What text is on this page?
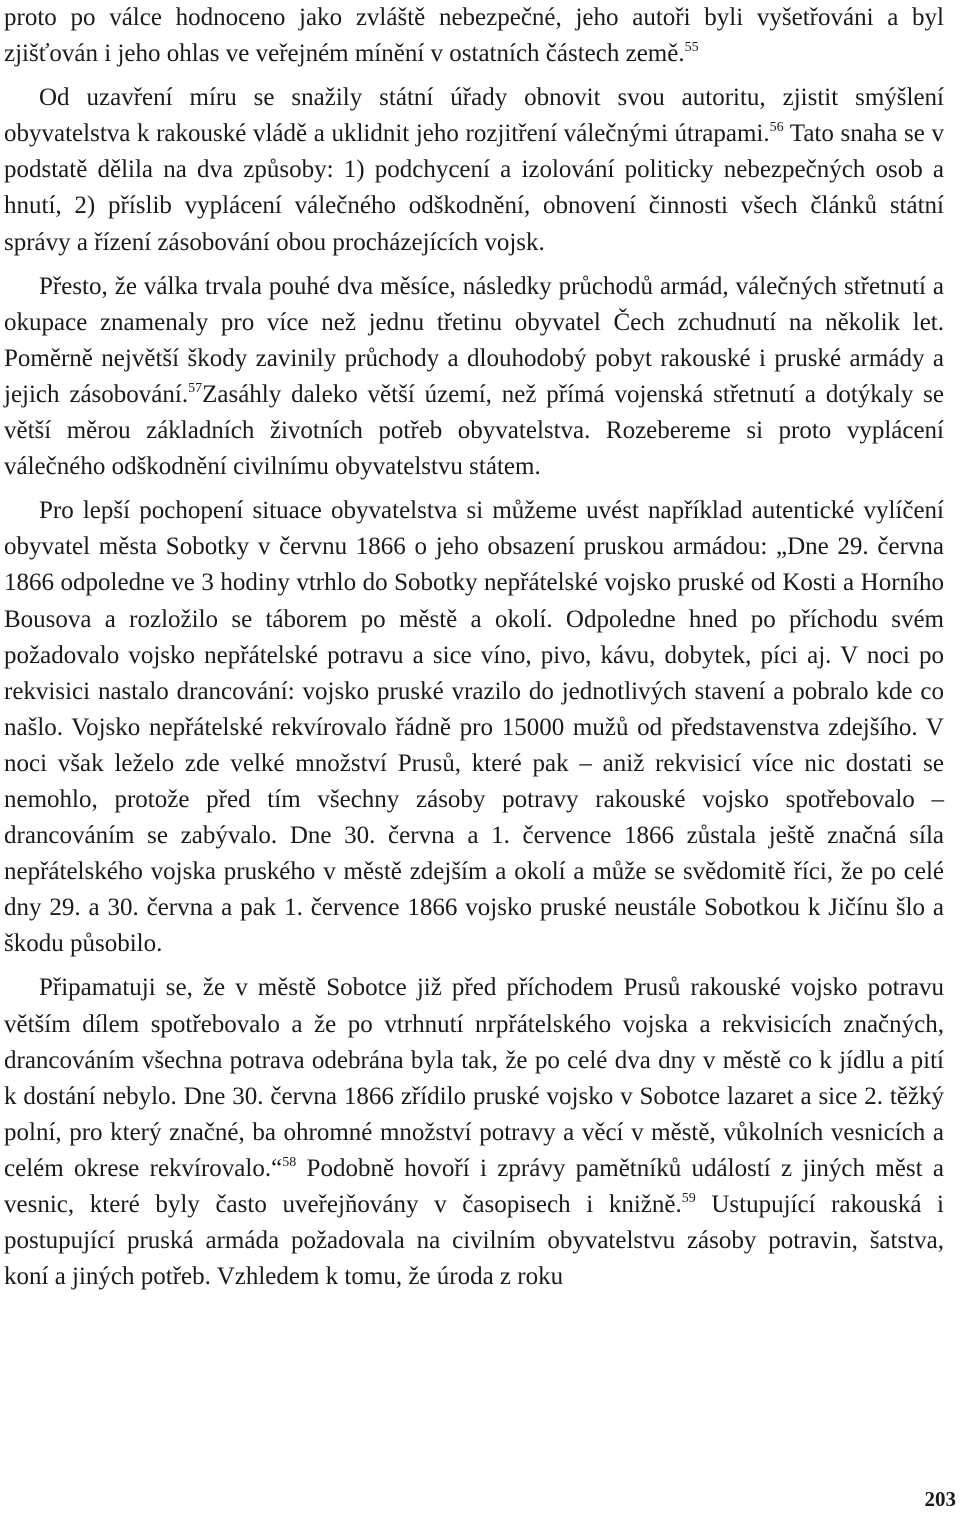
proto po válce hodnoceno jako zvláště nebezpečné, jeho autoři byli vyšetřováni a byl zjišťován i jeho ohlas ve veřejném mínění v ostatních částech země.$^{55}$

Od uzavření míru se snažily státní úřady obnovit svou autoritu, zjistit smýšlení obyvatelstva k rakouské vládě a uklidnit jeho rozjitření válečnými útrapami.$^{56}$ Tato snaha se v podstatě dělila na dva způsoby: 1) podchycení a izolování politicky nebezpečných osob a hnutí, 2) příslib vyplácení válečného odškodnění, obnovení činnosti všech článků státní správy a řízení zásobování obou procházejících vojsk.

Přesto, že válka trvala pouhé dva měsíce, následky průchodů armád, válečných střetnutí a okupace znamenaly pro více než jednu třetinu obyvatel Čech zchudnutí na několik let. Poměrně největší škody zavinily průchody a dlouhodobý pobyt rakouské i pruské armády a jejich zásobování.$^{57}$Zasáhly daleko větší území, než přímá vojenská střetnutí a dotýkaly se větší měrou základních životních potřeb obyvatelstva. Rozebereme si proto vyplácení válečného odškodnění civilnímu obyvatelstvu státem.

Pro lepší pochopení situace obyvatelstva si můžeme uvést například autentické vylíčení obyvatel města Sobotky v červnu 1866 o jeho obsazení pruskou armádou: „Dne 29. června 1866 odpoledne ve 3 hodiny vtrhlo do Sobotky nepřátelské vojsko pruské od Kosti a Horního Bousova a rozložilo se táborem po městě a okolí. Odpoledne hned po příchodu svém požadovalo vojsko nepřátelské potravu a sice víno, pivo, kávu, dobytek, píci aj. V noci po rekvisici nastalo drancování: vojsko pruské vrazilo do jednotlivých stavení a pobralo kde co našlo. Vojsko nepřátelské rekvírovalo řádně pro 15000 mužů od představenstva zdejšího. V noci však leželo zde velké množství Prusů, které pak – aniž rekvisicí více nic dostati se nemohlo, protože před tím všechny zásoby potravy rakouské vojsko spotřebovalo – drancováním se zabývalo. Dne 30. června a 1. července 1866 zůstala ještě značná síla nepřátelského vojska pruského v městě zdejším a okolí a může se svědomitě říci, že po celé dny 29. a 30. června a pak 1. července 1866 vojsko pruské neustále Sobotkou k Jičínu šlo a škodu působilo.

Připamatuji se, že v městě Sobotce již před příchodem Prusů rakouské vojsko potravu větším dílem spotřebovalo a že po vtrhnutí nrpřátelského vojska a rekvisicích značných, drancováním všechna potrava odebrána byla tak, že po celé dva dny v městě co k jídlu a pití k dostání nebylo. Dne 30. června 1866 zřídilo pruské vojsko v Sobotce lazaret a sice 2. těžký polní, pro který značné, ba ohromné množství potravy a věcí v městě, vůkolních vesnicích a celém okrese rekvírovalo.“$^{58}$ Podobně hovoří i zprávy pamětníků událostí z jiných měst a vesnic, které byly často uveřejňovány v časopisech i knižně.$^{59}$ Ustupující rakouská i postupující pruská armáda požadovala na civilním obyvatelstvu zásoby potravin, šatstva, koní a jiných potřeb. Vzhledem k tomu, že úroda z roku

203
